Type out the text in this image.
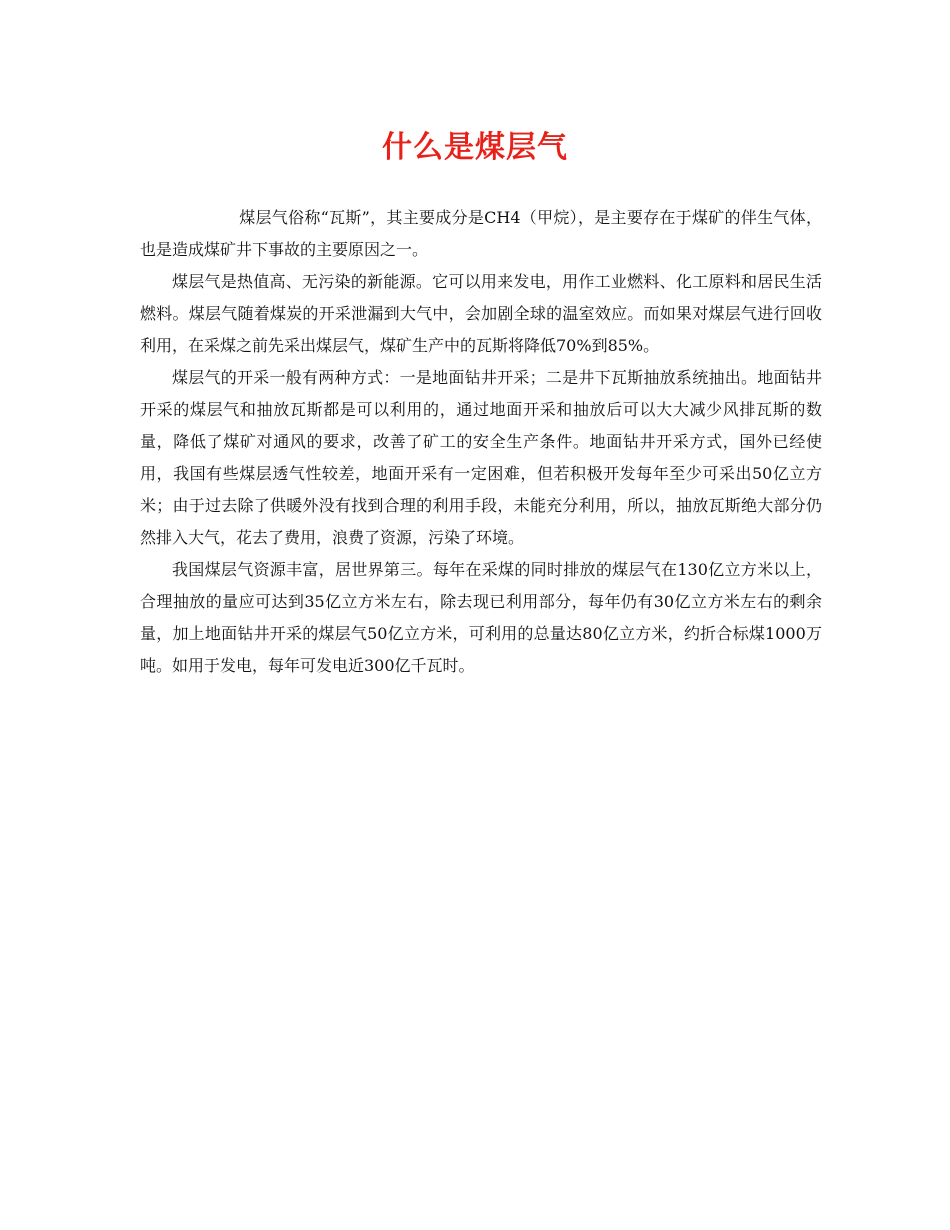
什么是煤层气

煤层气俗称“瓦斯”，其主要成分是CH4（甲烷），是主要存在于煤矿的伴生气体，也是造成煤矿井下事故的主要原因之一。

煤层气是热值高、无污染的新能源。它可以用来发电，用作工业燃料、化工原料和居民生活燃料。煤层气随着煤炭的开采泄漏到大气中，会加剧全球的温室效应。而如果对煤层气进行回收利用，在采煤之前先采出煤层气，煤矿生产中的瓦斯将降低70%到85%。

煤层气的开采一般有两种方式：一是地面钻井开采；二是井下瓦斯抽放系统抽出。地面钻井开采的煤层气和抽放瓦斯都是可以利用的，通过地面开采和抽放后可以大大减少风排瓦斯的数量，降低了煤矿对通风的要求，改善了矿工的安全生产条件。地面钻井开采方式，国外已经使用，我国有些煤层透气性较差，地面开采有一定困难，但若积极开发每年至少可采出50亿立方米；由于过去除了供暖外没有找到合理的利用手段，未能充分利用，所以，抽放瓦斯绝大部分仍然排入大气，花去了费用，浪费了资源，污染了环境。

我国煤层气资源丰富，居世界第三。每年在采煤的同时排放的煤层气在130亿立方米以上，合理抽放的量应可达到35亿立方米左右，除去现已利用部分，每年仍有30亿立方米左右的剩余量，加上地面钻井开采的煤层气50亿立方米，可利用的总量达80亿立方米，约折合标煤1000万吨。如用于发电，每年可发电近300亿千瓦时。
